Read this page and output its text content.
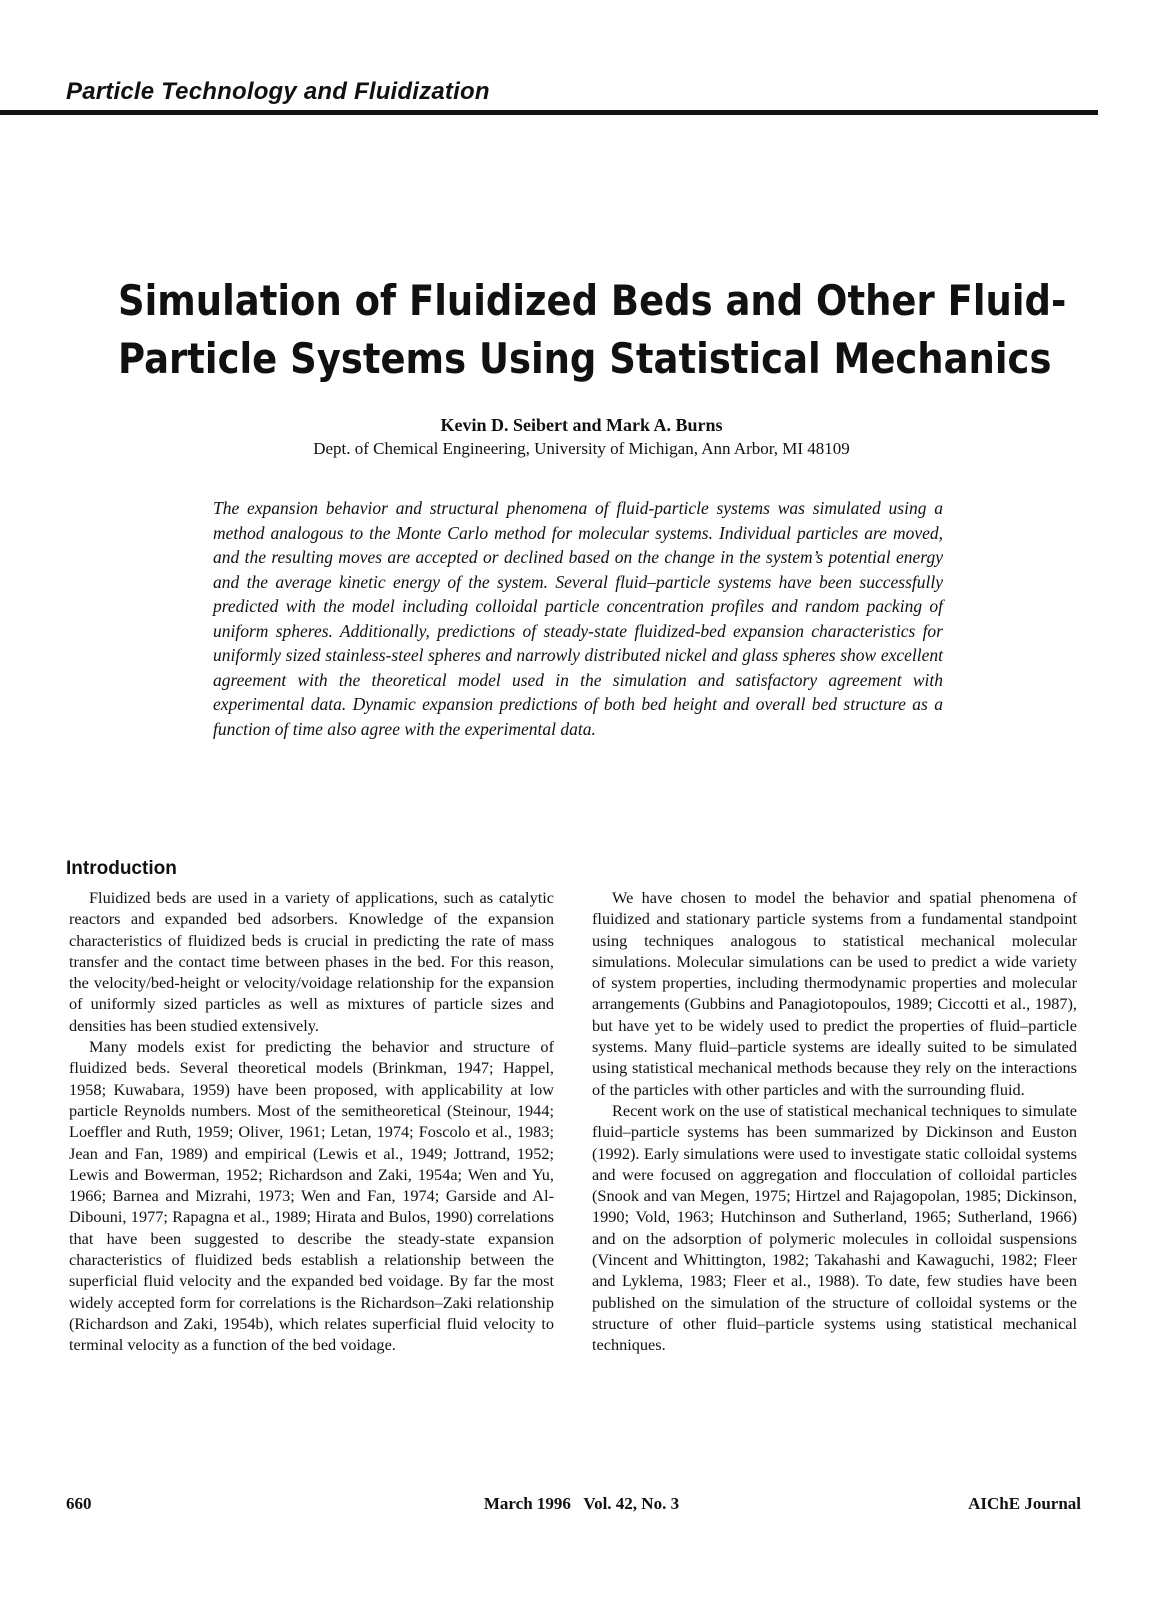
Particle Technology and Fluidization
Simulation of Fluidized Beds and Other Fluid-
Particle Systems Using Statistical Mechanics
Kevin D. Seibert and Mark A. Burns
Dept. of Chemical Engineering, University of Michigan, Ann Arbor, MI 48109
The expansion behavior and structural phenomena of fluid-particle systems was simulated using a method analogous to the Monte Carlo method for molecular systems. Individual particles are moved, and the resulting moves are accepted or declined based on the change in the system’s potential energy and the average kinetic energy of the system. Several fluid–particle systems have been successfully predicted with the model including colloidal particle concentration profiles and random packing of uniform spheres. Additionally, predictions of steady-state fluidized-bed expansion characteristics for uniformly sized stainless-steel spheres and narrowly distributed nickel and glass spheres show excellent agreement with the theoretical model used in the simulation and satisfactory agreement with experimental data. Dynamic expansion predictions of both bed height and overall bed structure as a function of time also agree with the experimental data.
Introduction

Fluidized beds are used in a variety of applications, such as catalytic reactors and expanded bed adsorbers. Knowledge of the expansion characteristics of fluidized beds is crucial in predicting the rate of mass transfer and the contact time between phases in the bed. For this reason, the velocity/bed-height or velocity/voidage relationship for the expansion of uniformly sized particles as well as mixtures of particle sizes and densities has been studied extensively.

Many models exist for predicting the behavior and structure of fluidized beds. Several theoretical models (Brinkman, 1947; Happel, 1958; Kuwabara, 1959) have been proposed, with applicability at low particle Reynolds numbers. Most of the semitheoretical (Steinour, 1944; Loeffler and Ruth, 1959; Oliver, 1961; Letan, 1974; Foscolo et al., 1983; Jean and Fan, 1989) and empirical (Lewis et al., 1949; Jottrand, 1952; Lewis and Bowerman, 1952; Richardson and Zaki, 1954a; Wen and Yu, 1966; Barnea and Mizrahi, 1973; Wen and Fan, 1974; Garside and Al-Dibouni, 1977; Rapagna et al., 1989; Hirata and Bulos, 1990) correlations that have been suggested to describe the steady-state expansion characteristics of fluidized beds establish a relationship between the superficial fluid velocity and the expanded bed voidage. By far the most widely accepted form for correlations is the Richardson–Zaki relationship (Richardson and Zaki, 1954b), which relates superficial fluid velocity to terminal velocity as a function of the bed voidage.

We have chosen to model the behavior and spatial phenomena of fluidized and stationary particle systems from a fundamental standpoint using techniques analogous to statistical mechanical molecular simulations. Molecular simulations can be used to predict a wide variety of system properties, including thermodynamic properties and molecular arrangements (Gubbins and Panagiotopoulos, 1989; Ciccotti et al., 1987), but have yet to be widely used to predict the properties of fluid–particle systems. Many fluid–particle systems are ideally suited to be simulated using statistical mechanical methods because they rely on the interactions of the particles with other particles and with the surrounding fluid.

Recent work on the use of statistical mechanical techniques to simulate fluid–particle systems has been summarized by Dickinson and Euston (1992). Early simulations were used to investigate static colloidal systems and were focused on aggregation and flocculation of colloidal particles (Snook and van Megen, 1975; Hirtzel and Rajagopolan, 1985; Dickinson, 1990; Vold, 1963; Hutchinson and Sutherland, 1965; Sutherland, 1966) and on the adsorption of polymeric molecules in colloidal suspensions (Vincent and Whittington, 1982; Takahashi and Kawaguchi, 1982; Fleer and Lyklema, 1983; Fleer et al., 1988). To date, few studies have been published on the simulation of the structure of colloidal systems or the structure of other fluid–particle systems using statistical mechanical techniques.

660	March 1996   Vol. 42, No. 3	AIChE Journal
